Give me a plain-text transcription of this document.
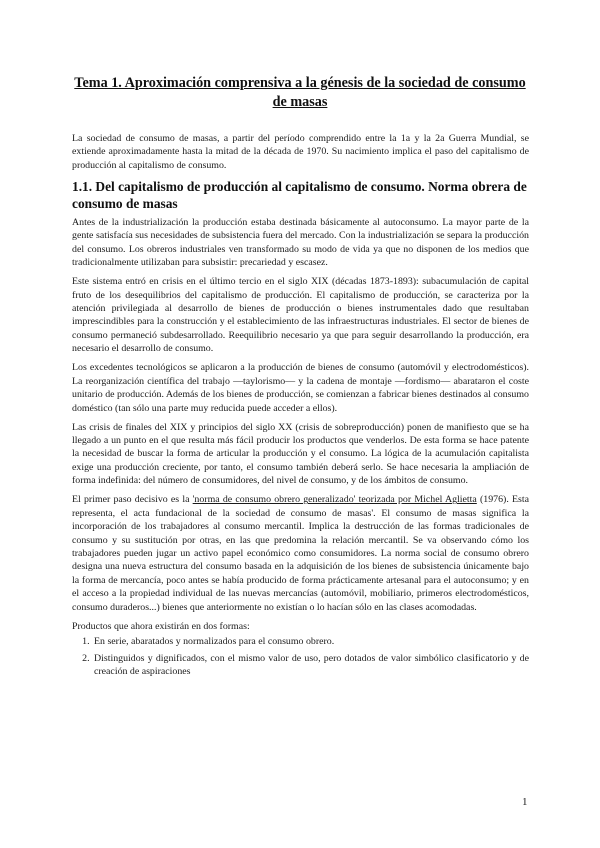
Tema 1. Aproximación comprensiva a la génesis de la sociedad de consumo de masas

La sociedad de consumo de masas, a partir del período comprendido entre la 1a y la 2a Guerra Mundial, se extiende aproximadamente hasta la mitad de la década de 1970. Su nacimiento implica el paso del capitalismo de producción al capitalismo de consumo.

1.1. Del capitalismo de producción al capitalismo de consumo. Norma obrera de consumo de masas

Antes de la industrialización la producción estaba destinada básicamente al autoconsumo. La mayor parte de la gente satisfacía sus necesidades de subsistencia fuera del mercado. Con la industrialización se separa la producción del consumo. Los obreros industriales ven transformado su modo de vida ya que no disponen de los medios que tradicionalmente utilizaban para subsistir: precariedad y escasez.

Este sistema entró en crisis en el último tercio en el siglo XIX (décadas 1873-1893): subacumulación de capital fruto de los desequilibrios del capitalismo de producción. El capitalismo de producción, se caracteriza por la atención privilegiada al desarrollo de bienes de producción o bienes instrumentales dado que resultaban imprescindibles para la construcción y el establecimiento de las infraestructuras industriales. El sector de bienes de consumo permaneció subdesarrollado. Reequilibrio necesario ya que para seguir desarrollando la producción, era necesario el desarrollo de consumo.

Los excedentes tecnológicos se aplicaron a la producción de bienes de consumo (automóvil y electrodomésticos). La reorganización científica del trabajo —taylorismo— y la cadena de montaje —fordismo— abarataron el coste unitario de producción. Además de los bienes de producción, se comienzan a fabricar bienes destinados al consumo doméstico (tan sólo una parte muy reducida puede acceder a ellos).

Las crisis de finales del XIX y principios del siglo XX (crisis de sobreproducción) ponen de manifiesto que se ha llegado a un punto en el que resulta más fácil producir los productos que venderlos. De esta forma se hace patente la necesidad de buscar la forma de articular la producción y el consumo. La lógica de la acumulación capitalista exige una producción creciente, por tanto, el consumo también deberá serlo. Se hace necesaria la ampliación de forma indefinida: del número de consumidores, del nivel de consumo, y de los ámbitos de consumo.

El primer paso decisivo es la 'norma de consumo obrero generalizado' teorizada por Michel Aglietta (1976). Esta representa, el acta fundacional de la sociedad de consumo de masas'. El consumo de masas significa la incorporación de los trabajadores al consumo mercantil. Implica la destrucción de las formas tradicionales de consumo y su sustitución por otras, en las que predomina la relación mercantil. Se va observando cómo los trabajadores pueden jugar un activo papel económico como consumidores. La norma social de consumo obrero designa una nueva estructura del consumo basada en la adquisición de los bienes de subsistencia únicamente bajo la forma de mercancía, poco antes se había producido de forma prácticamente artesanal para el autoconsumo; y en el acceso a la propiedad individual de las nuevas mercancías (automóvil, mobiliario, primeros electrodomésticos, consumo duraderos...) bienes que anteriormente no existían o lo hacían sólo en las clases acomodadas.

Productos que ahora existirán en dos formas:

1. En serie, abaratados y normalizados para el consumo obrero.
2. Distinguidos y dignificados, con el mismo valor de uso, pero dotados de valor simbólico clasificatorio y de creación de aspiraciones
1
